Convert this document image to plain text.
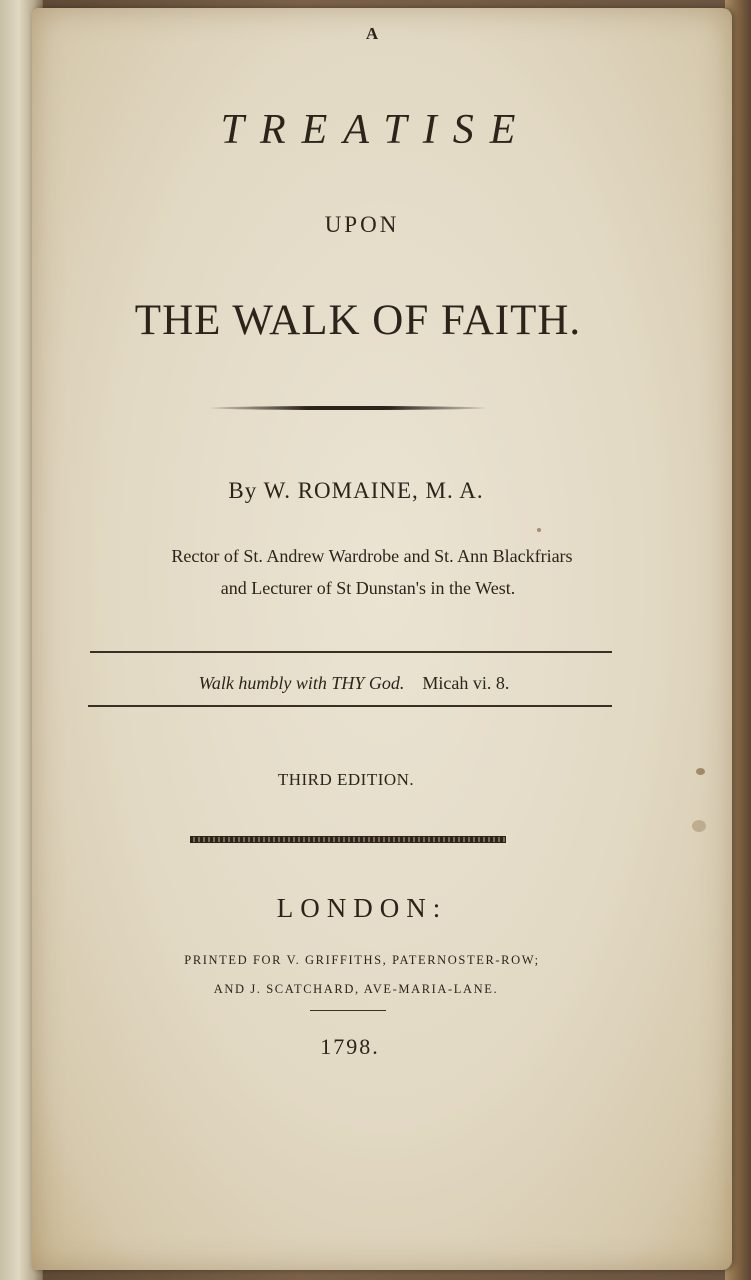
A
TREATISE
UPON
THE WALK OF FAITH.
By W. ROMAINE, M. A.
Rector of St. Andrew Wardrobe and St. Ann Blackfriars
and Lecturer of St Dunstan's in the West.
Walk humbly with THY God. Micah vi. 8.
THIRD EDITION.
LONDON:
PRINTED FOR V. GRIFFITHS, PATERNOSTER-ROW;
AND J. SCATCHARD, AVE-MARIA-LANE.
1798.
